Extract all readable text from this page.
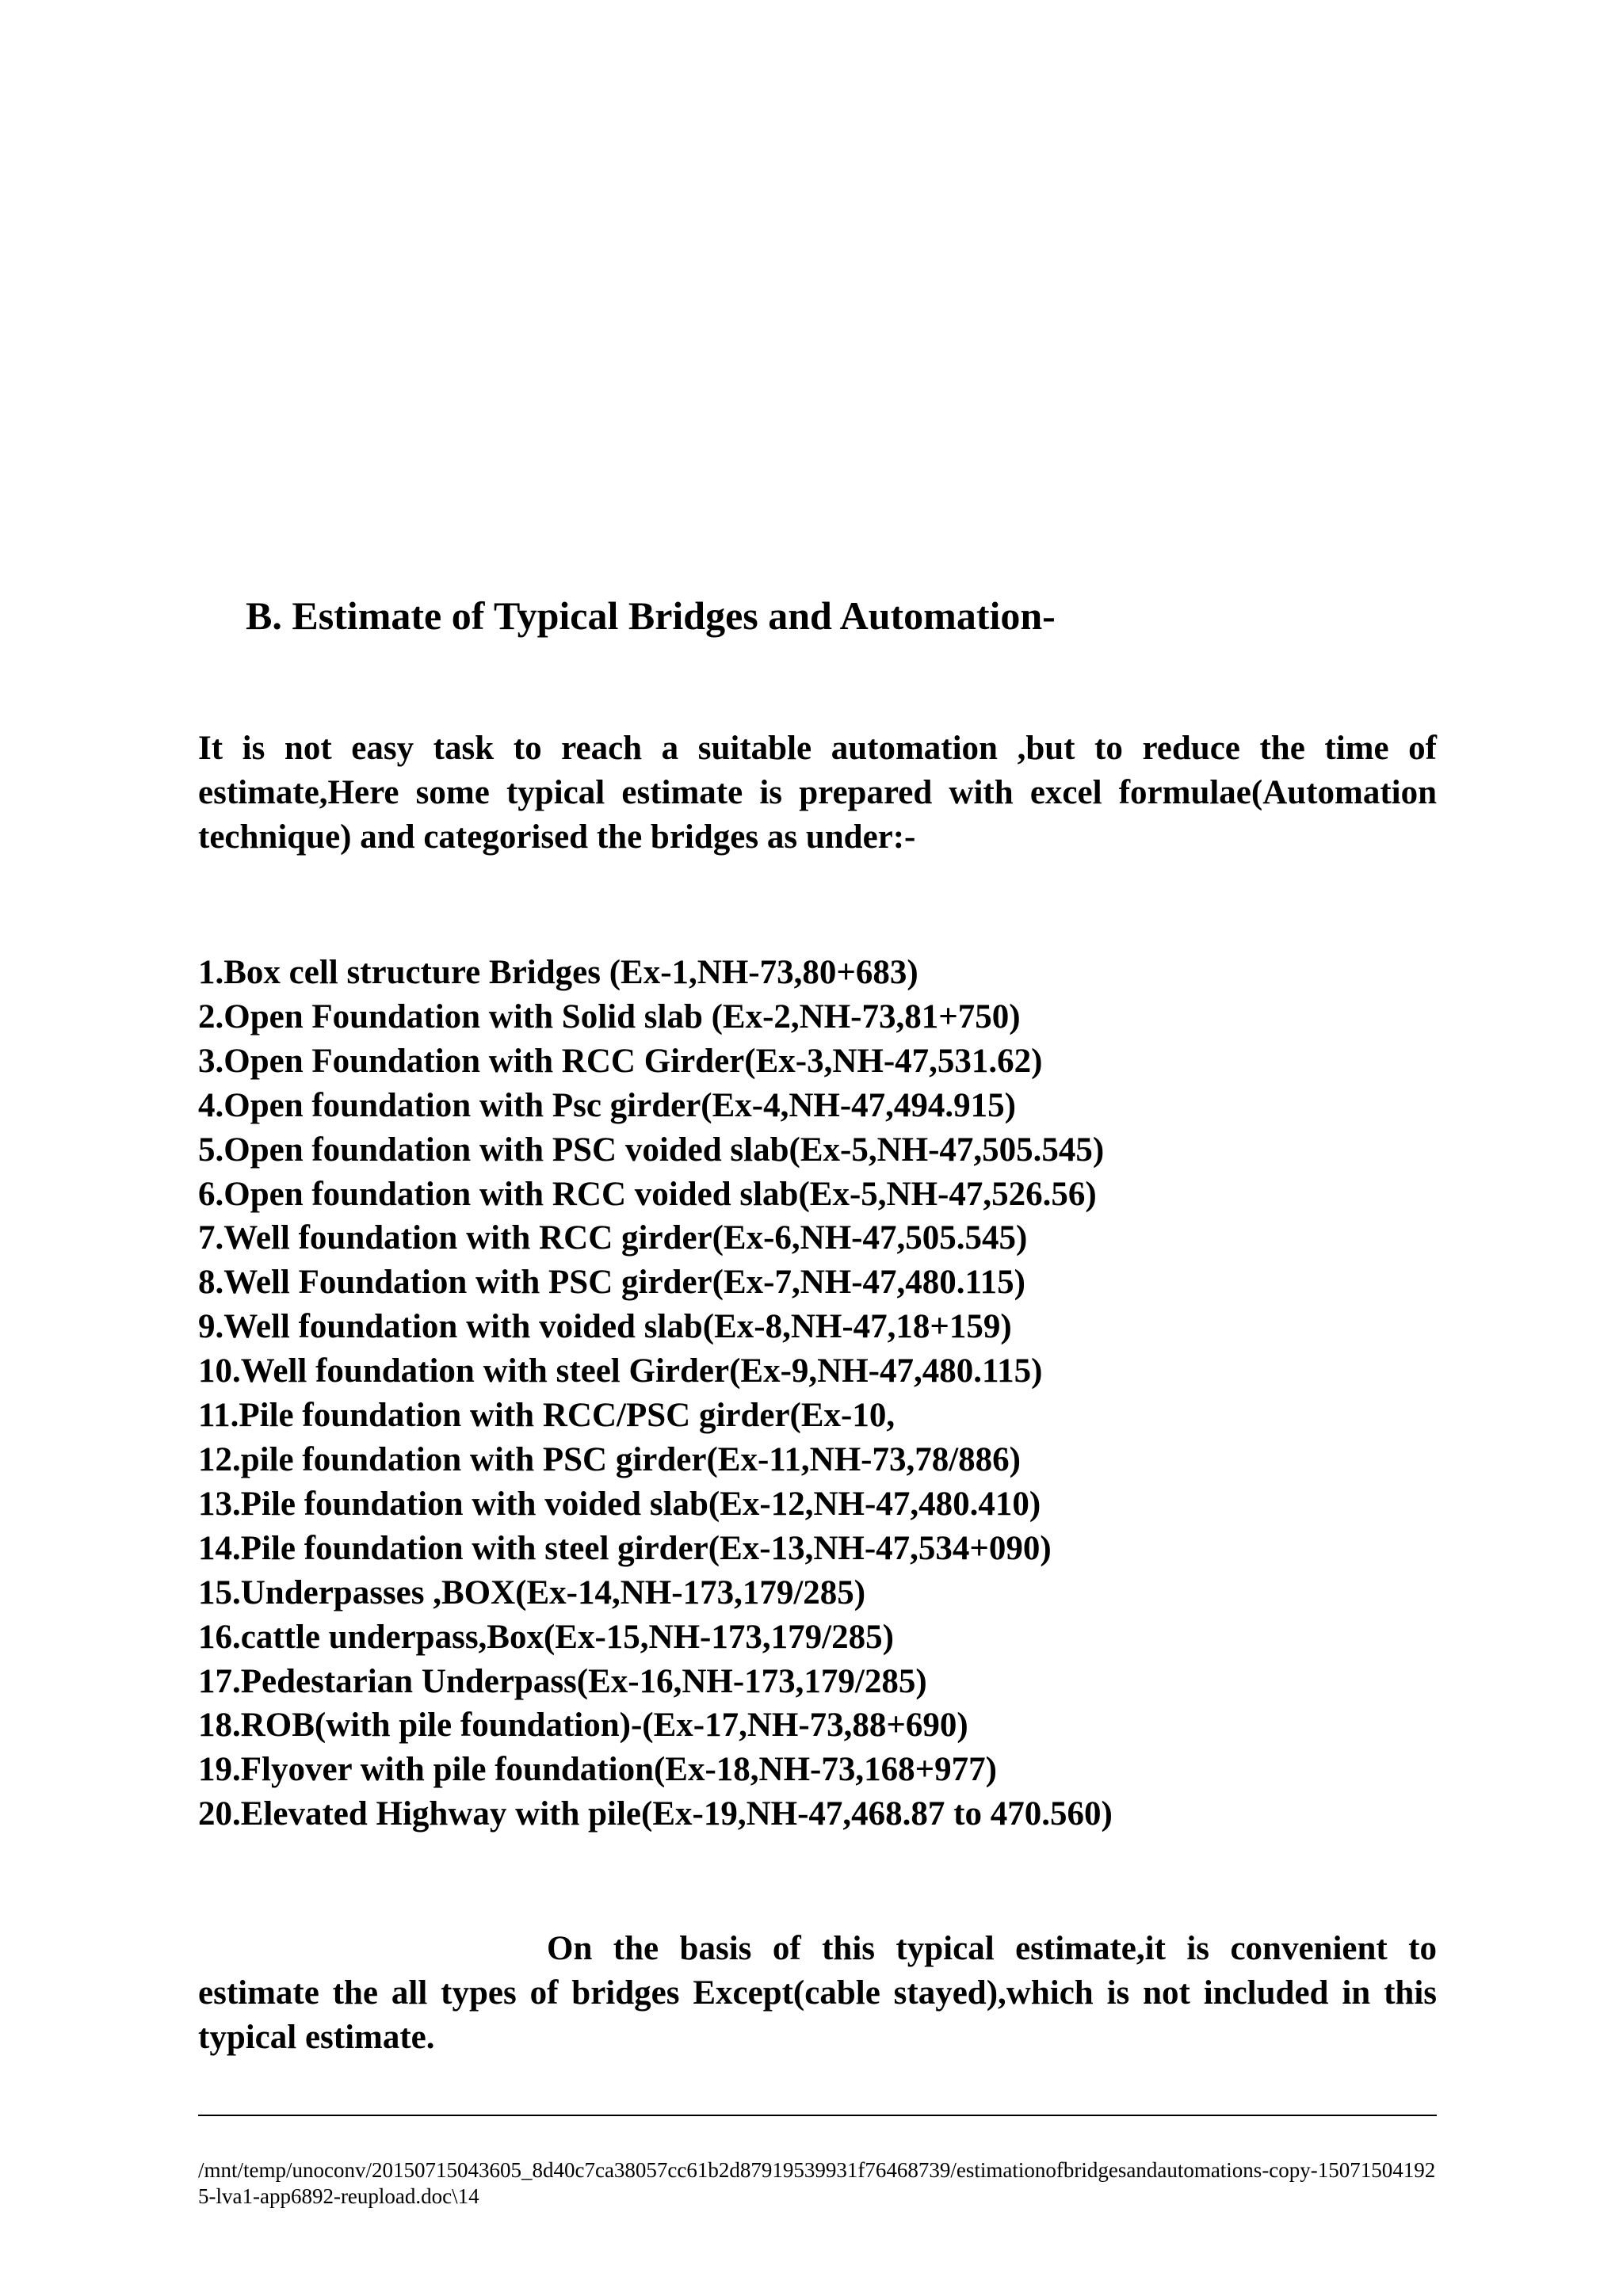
B. Estimate of Typical Bridges and Automation-

It is not easy task to reach a suitable automation ,but to reduce the time of estimate,Here some typical estimate is prepared with excel formulae(Automation technique) and categorised the bridges as under:-

1.Box cell structure Bridges (Ex-1,NH-73,80+683)
2.Open Foundation with Solid slab (Ex-2,NH-73,81+750)
3.Open Foundation with RCC Girder(Ex-3,NH-47,531.62)
4.Open foundation with Psc girder(Ex-4,NH-47,494.915)
5.Open foundation with PSC voided slab(Ex-5,NH-47,505.545)
6.Open foundation with RCC voided slab(Ex-5,NH-47,526.56)
7.Well foundation with RCC girder(Ex-6,NH-47,505.545)
8.Well Foundation with PSC girder(Ex-7,NH-47,480.115)
9.Well foundation with voided slab(Ex-8,NH-47,18+159)
10.Well foundation with steel Girder(Ex-9,NH-47,480.115)
11.Pile foundation with RCC/PSC girder(Ex-10,
12.pile foundation with PSC girder(Ex-11,NH-73,78/886)
13.Pile foundation with voided slab(Ex-12,NH-47,480.410)
14.Pile foundation with steel girder(Ex-13,NH-47,534+090)
15.Underpasses ,BOX(Ex-14,NH-173,179/285)
16.cattle underpass,Box(Ex-15,NH-173,179/285)
17.Pedestarian Underpass(Ex-16,NH-173,179/285)
18.ROB(with pile foundation)-(Ex-17,NH-73,88+690)
19.Flyover with pile foundation(Ex-18,NH-73,168+977)
20.Elevated Highway with pile(Ex-19,NH-47,468.87 to 470.560)

On the basis of this typical estimate,it is convenient to estimate the all types of bridges Except(cable stayed),which is not included in this typical estimate.

/mnt/temp/unoconv/20150715043605_8d40c7ca38057cc61b2d87919539931f76468739/estimationofbridgesandautomations-copy-150715041925-lva1-app6892-reupload.doc\14
